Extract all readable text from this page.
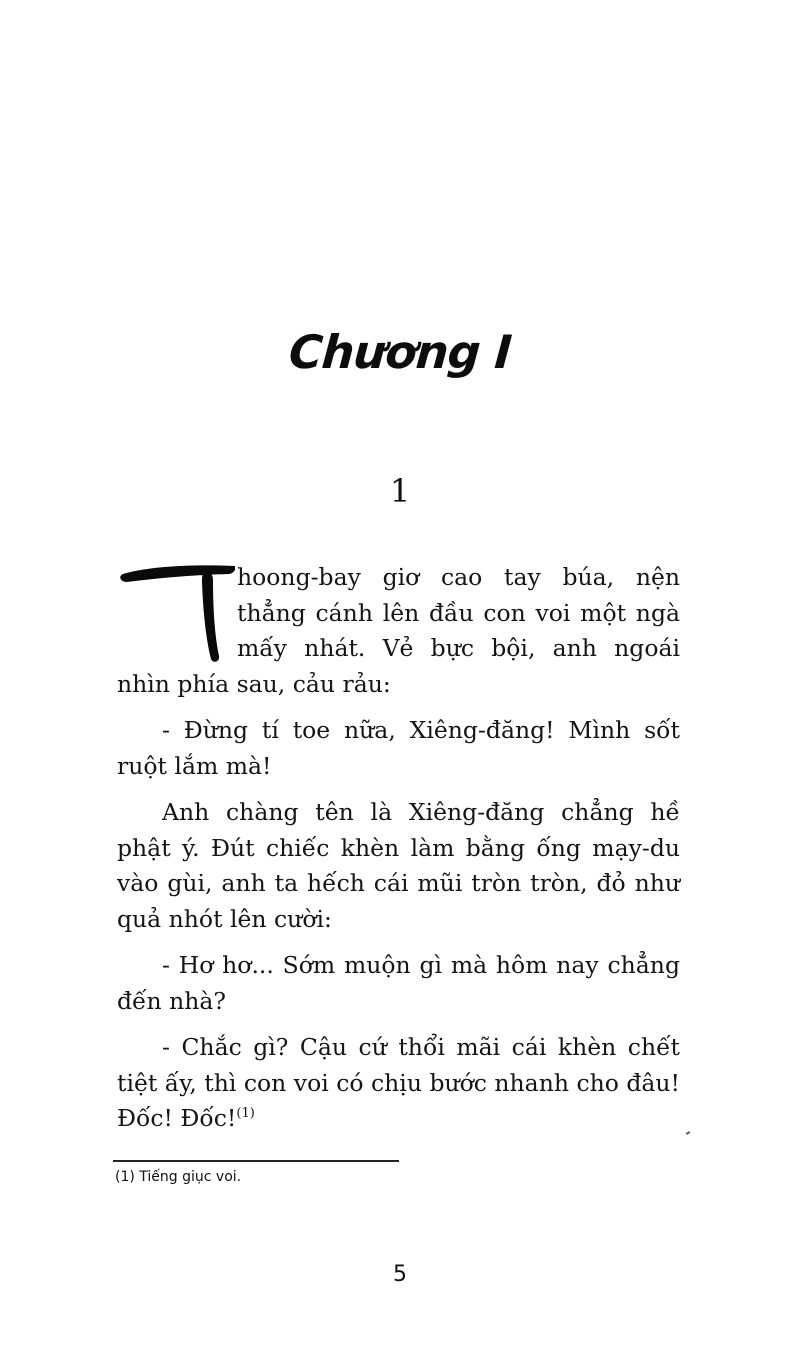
Chương I
1

hoong-bay giơ cao tay búa, nện thẳng cánh lên đầu con voi một ngà mấy nhát. Vẻ bực bội, anh ngoái nhìn phía sau, cảu rảu:

- Đừng tí toe nữa, Xiêng-đăng! Mình sốt ruột lắm mà!

Anh chàng tên là Xiêng-đăng chẳng hề phật ý. Đút chiếc khèn làm bằng ống mạy-du vào gùi, anh ta hếch cái mũi tròn tròn, đỏ như quả nhót lên cười:

- Hơ hơ... Sớm muộn gì mà hôm nay chẳng đến nhà?

- Chắc gì? Cậu cứ thổi mãi cái khèn chết tiệt ấy, thì con voi có chịu bước nhanh cho đâu! Đốc! Đốc!$^{(1)}$

(1) Tiếng giục voi.
5
